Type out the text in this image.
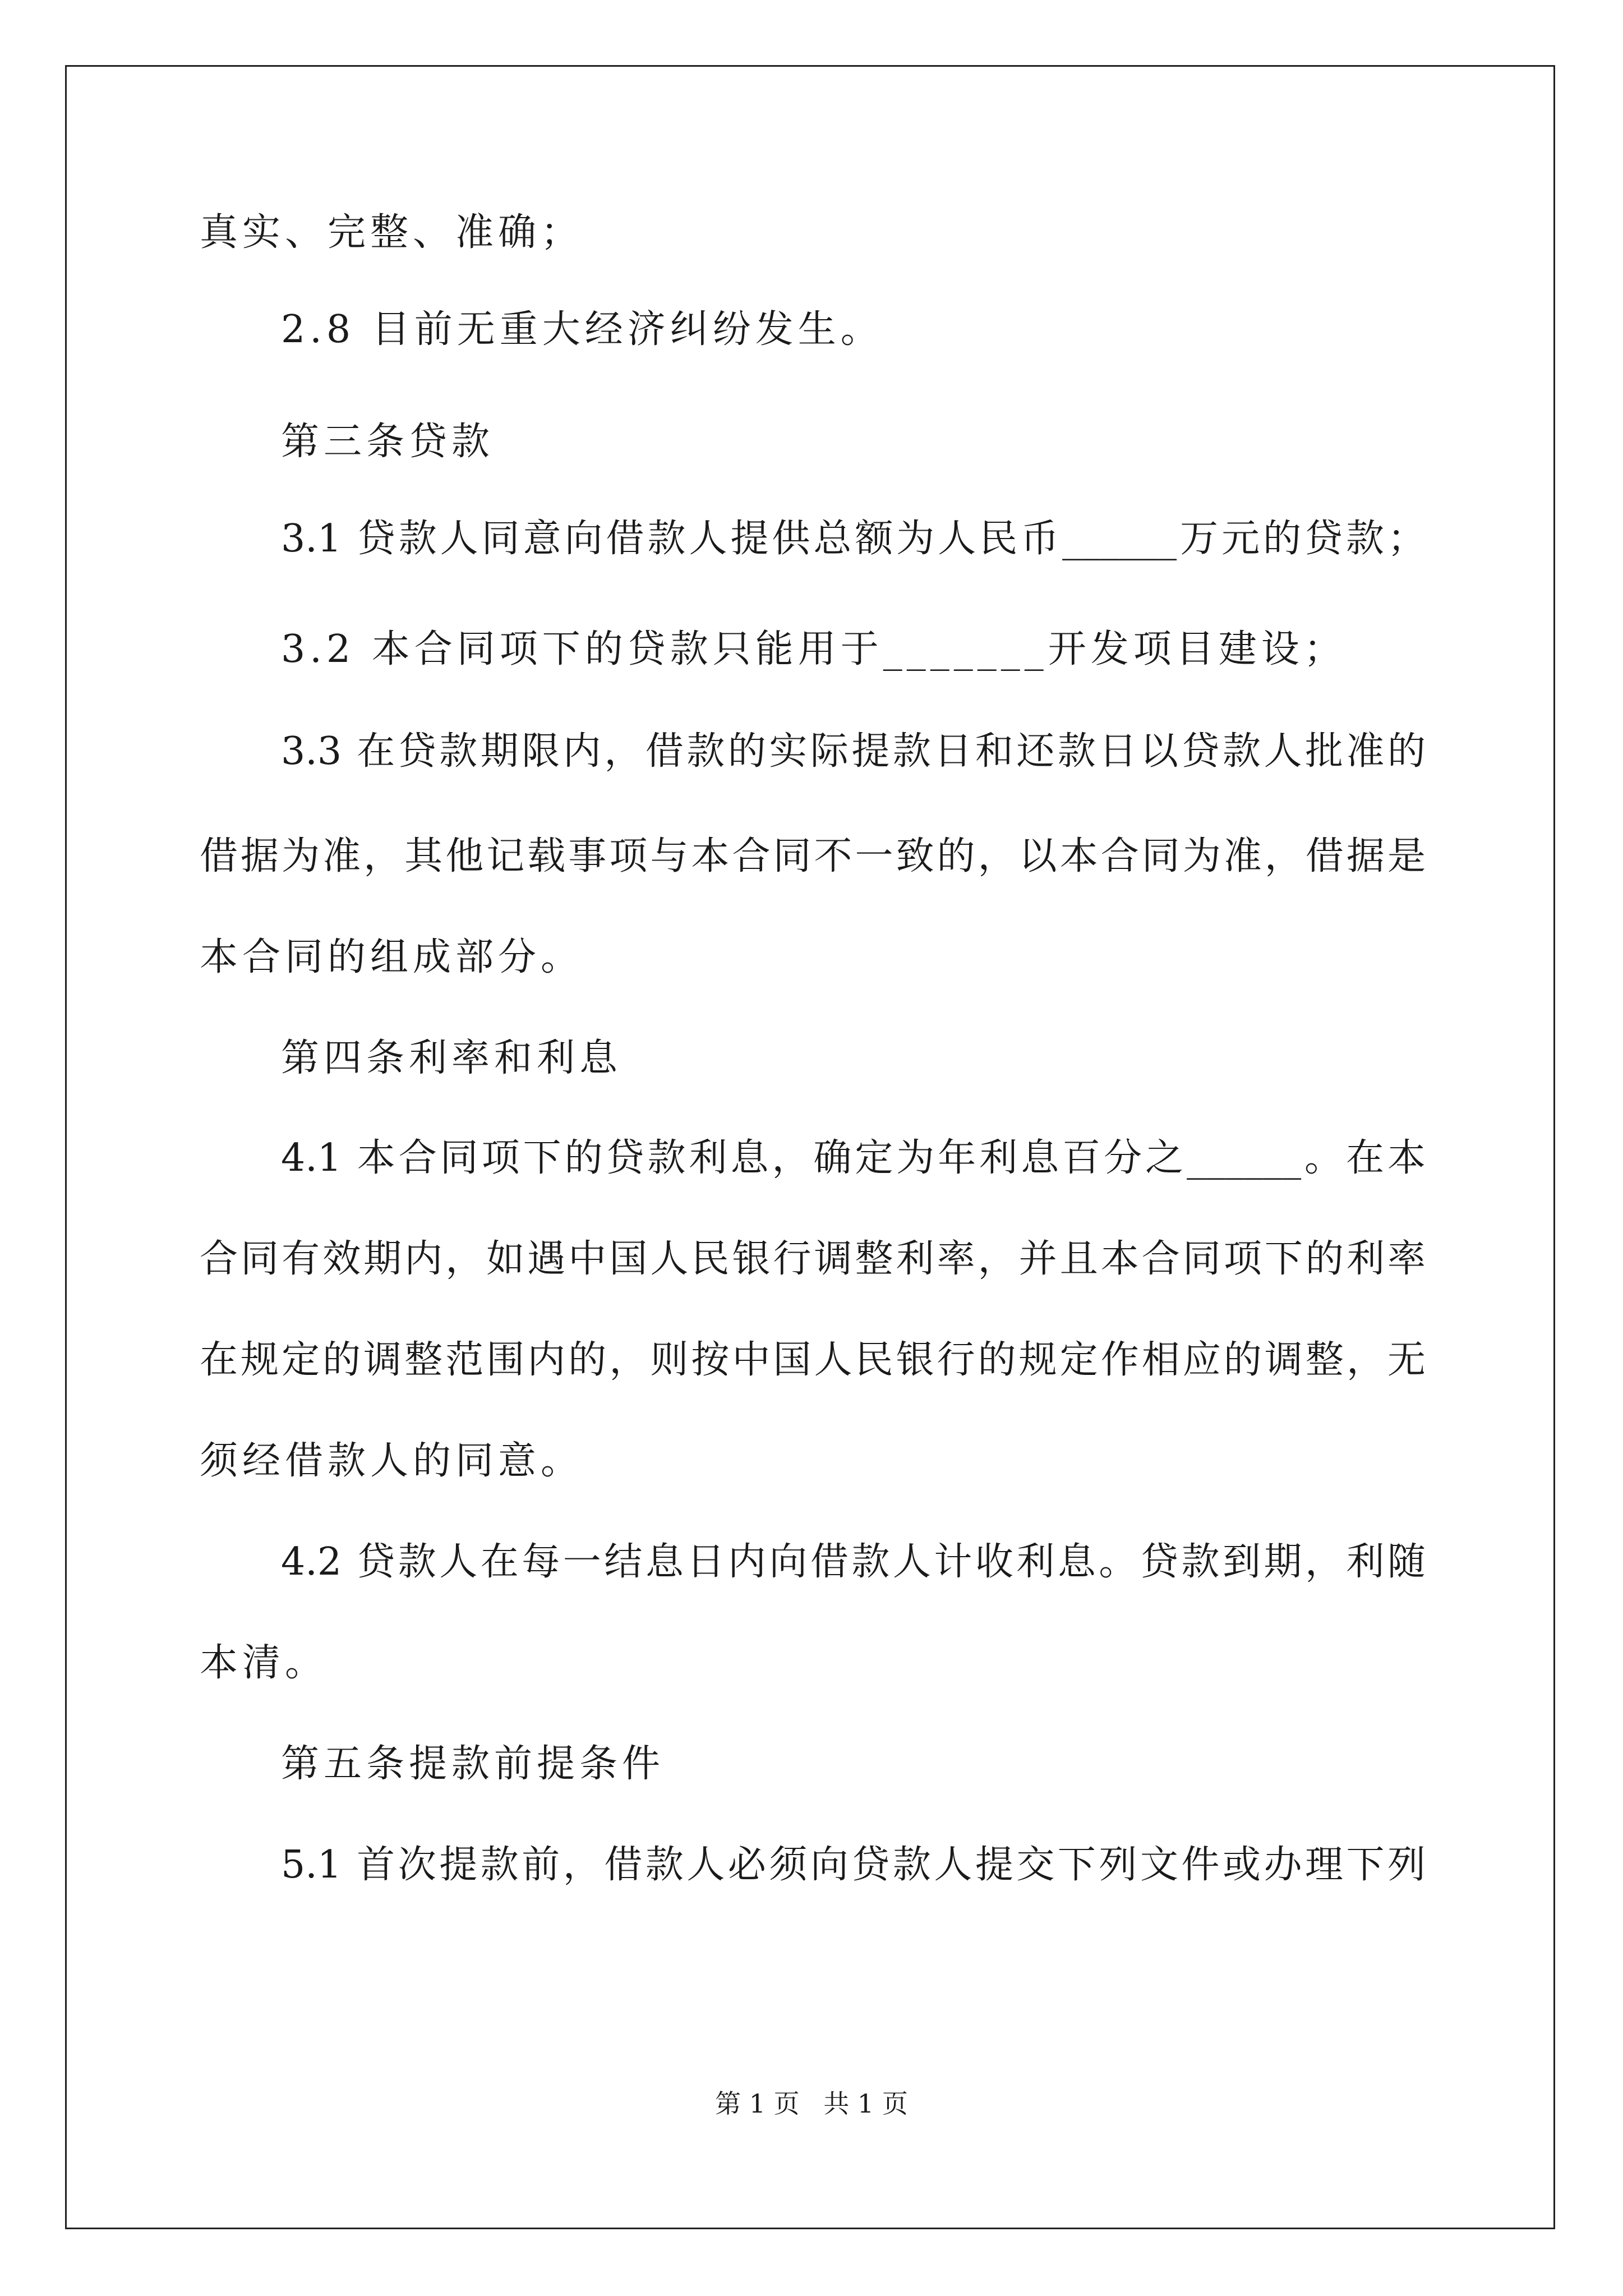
真实、完整、准确；
2.8 目前无重大经济纠纷发生。
第三条贷款
3.1 贷款人同意向借款人提供总额为人民币______万元的贷款；
3.2 本合同项下的贷款只能用于_______开发项目建设；
3.3 在贷款期限内，借款的实际提款日和还款日以贷款人批准的
借据为准，其他记载事项与本合同不一致的，以本合同为准，借据是
本合同的组成部分。
第四条利率和利息
4.1 本合同项下的贷款利息，确定为年利息百分之______。在本
合同有效期内，如遇中国人民银行调整利率，并且本合同项下的利率
在规定的调整范围内的，则按中国人民银行的规定作相应的调整，无
须经借款人的同意。
4.2 贷款人在每一结息日内向借款人计收利息。贷款到期，利随
本清。
第五条提款前提条件
5.1 首次提款前，借款人必须向贷款人提交下列文件或办理下列
第 1 页 共 1 页
